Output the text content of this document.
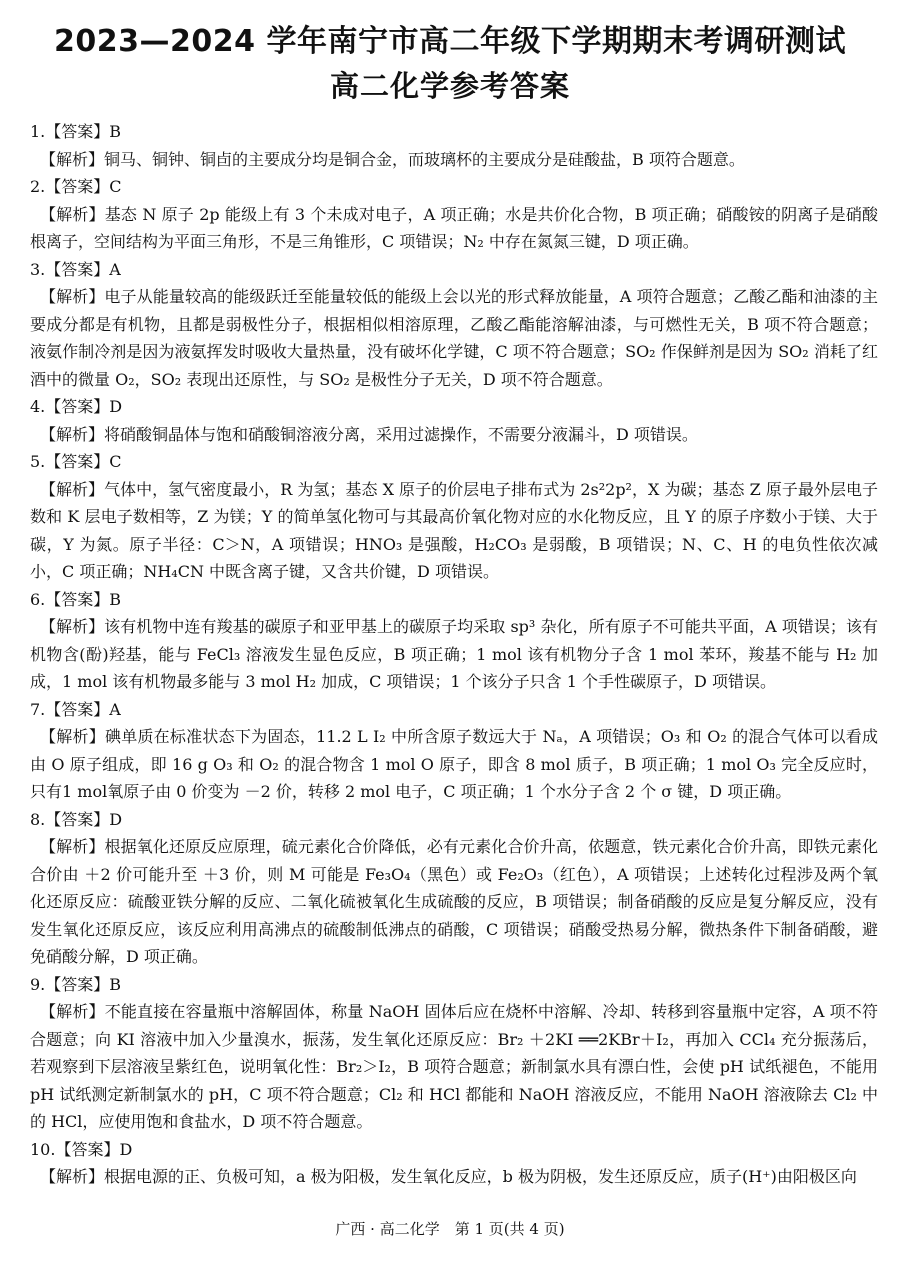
2023—2024 学年南宁市高二年级下学期期末考调研测试
高二化学参考答案

1.【答案】B

【解析】铜马、铜钟、铜卣的主要成分均是铜合金，而玻璃杯的主要成分是硅酸盐，B 项符合题意。

2.【答案】C

【解析】基态 N 原子 2p 能级上有 3 个未成对电子，A 项正确；水是共价化合物，B 项正确；硝酸铵的阴离子是硝酸根离子，空间结构为平面三角形，不是三角锥形，C 项错误；N₂ 中存在氮氮三键，D 项正确。

3.【答案】A

【解析】电子从能量较高的能级跃迁至能量较低的能级上会以光的形式释放能量，A 项符合题意；乙酸乙酯和油漆的主要成分都是有机物，且都是弱极性分子，根据相似相溶原理，乙酸乙酯能溶解油漆，与可燃性无关，B 项不符合题意；液氨作制冷剂是因为液氨挥发时吸收大量热量，没有破坏化学键，C 项不符合题意；SO₂ 作保鲜剂是因为 SO₂ 消耗了红酒中的微量 O₂，SO₂ 表现出还原性，与 SO₂ 是极性分子无关，D 项不符合题意。

4.【答案】D

【解析】将硝酸铜晶体与饱和硝酸铜溶液分离，采用过滤操作，不需要分液漏斗，D 项错误。

5.【答案】C

【解析】气体中，氢气密度最小，R 为氢；基态 X 原子的价层电子排布式为 2s²2p²，X 为碳；基态 Z 原子最外层电子数和 K 层电子数相等，Z 为镁；Y 的简单氢化物可与其最高价氧化物对应的水化物反应，且 Y 的原子序数小于镁、大于碳，Y 为氮。原子半径：C＞N，A 项错误；HNO₃ 是强酸，H₂CO₃ 是弱酸，B 项错误；N、C、H 的电负性依次减小，C 项正确；NH₄CN 中既含离子键，又含共价键，D 项错误。

6.【答案】B

【解析】该有机物中连有羧基的碳原子和亚甲基上的碳原子均采取 sp³ 杂化，所有原子不可能共平面，A 项错误；该有机物含(酚)羟基，能与 FeCl₃ 溶液发生显色反应，B 项正确；1 mol 该有机物分子含 1 mol 苯环，羧基不能与 H₂ 加成，1 mol 该有机物最多能与 3 mol H₂ 加成，C 项错误；1 个该分子只含 1 个手性碳原子，D 项错误。

7.【答案】A

【解析】碘单质在标准状态下为固态，11.2 L I₂ 中所含原子数远大于 Nₐ，A 项错误；O₃ 和 O₂ 的混合气体可以看成由 O 原子组成，即 16 g O₃ 和 O₂ 的混合物含 1 mol O 原子，即含 8 mol 质子，B 项正确；1 mol O₃ 完全反应时，只有1 mol氧原子由 0 价变为 －2 价，转移 2 mol 电子，C 项正确；1 个水分子含 2 个 σ 键，D 项正确。

8.【答案】D

【解析】根据氧化还原反应原理，硫元素化合价降低，必有元素化合价升高，依题意，铁元素化合价升高，即铁元素化合价由 ＋2 价可能升至 ＋3 价，则 M 可能是 Fe₃O₄（黑色）或 Fe₂O₃（红色），A 项错误；上述转化过程涉及两个氧化还原反应：硫酸亚铁分解的反应、二氧化硫被氧化生成硫酸的反应，B 项错误；制备硝酸的反应是复分解反应，没有发生氧化还原反应，该反应利用高沸点的硫酸制低沸点的硝酸，C 项错误；硝酸受热易分解，微热条件下制备硝酸，避免硝酸分解，D 项正确。

9.【答案】B

【解析】不能直接在容量瓶中溶解固体，称量 NaOH 固体后应在烧杯中溶解、冷却、转移到容量瓶中定容，A 项不符合题意；向 KI 溶液中加入少量溴水，振荡，发生氧化还原反应：Br₂ ＋2KI ══2KBr＋I₂，再加入 CCl₄ 充分振荡后，若观察到下层溶液呈紫红色，说明氧化性：Br₂＞I₂，B 项符合题意；新制氯水具有漂白性，会使 pH 试纸褪色，不能用 pH 试纸测定新制氯水的 pH，C 项不符合题意；Cl₂ 和 HCl 都能和 NaOH 溶液反应，不能用 NaOH 溶液除去 Cl₂ 中的 HCl，应使用饱和食盐水，D 项不符合题意。

10.【答案】D

【解析】根据电源的正、负极可知，a 极为阳极，发生氧化反应，b 极为阴极，发生还原反应，质子(H⁺)由阳极区向

广西 · 高二化学　第 1 页(共 4 页)
